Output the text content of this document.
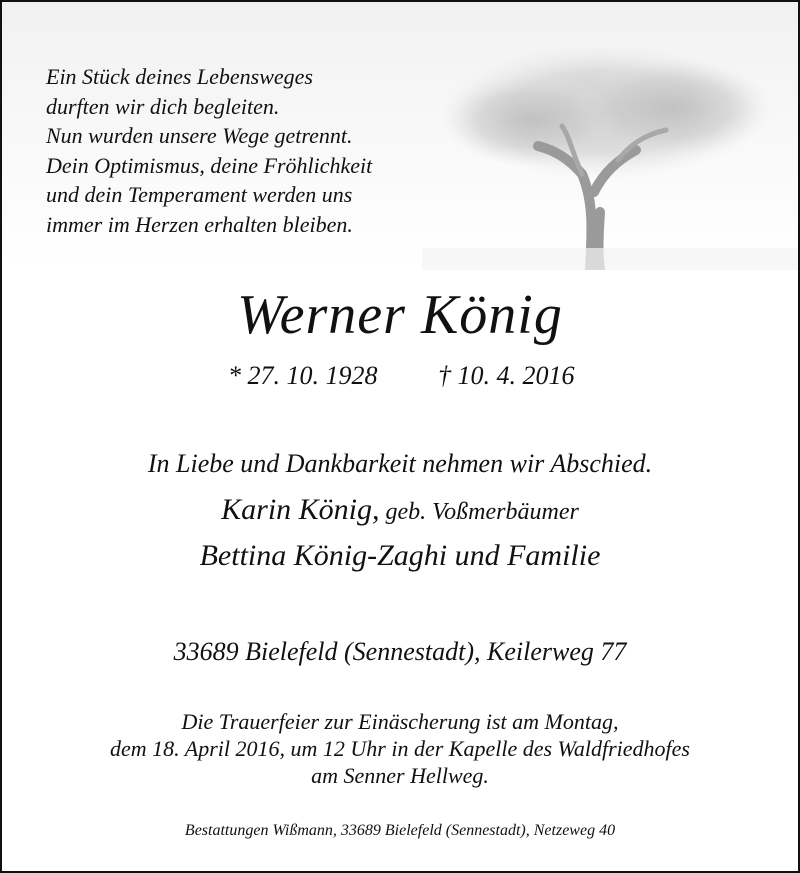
Ein Stück deines Lebensweges
durften wir dich begleiten.
Nun wurden unsere Wege getrennt.
Dein Optimismus, deine Fröhlichkeit
und dein Temperament werden uns
immer im Herzen erhalten bleiben.
Werner König
* 27. 10. 1928 † 10. 4. 2016
In Liebe und Dankbarkeit nehmen wir Abschied.
Karin König, geb. Voßmerbäumer
Bettina König-Zaghi und Familie
33689 Bielefeld (Sennestadt), Keilerweg 77
Die Trauerfeier zur Einäscherung ist am Montag,
dem 18. April 2016, um 12 Uhr in der Kapelle des Waldfriedhofes
am Senner Hellweg.
Bestattungen Wißmann, 33689 Bielefeld (Sennestadt), Netzeweg 40
